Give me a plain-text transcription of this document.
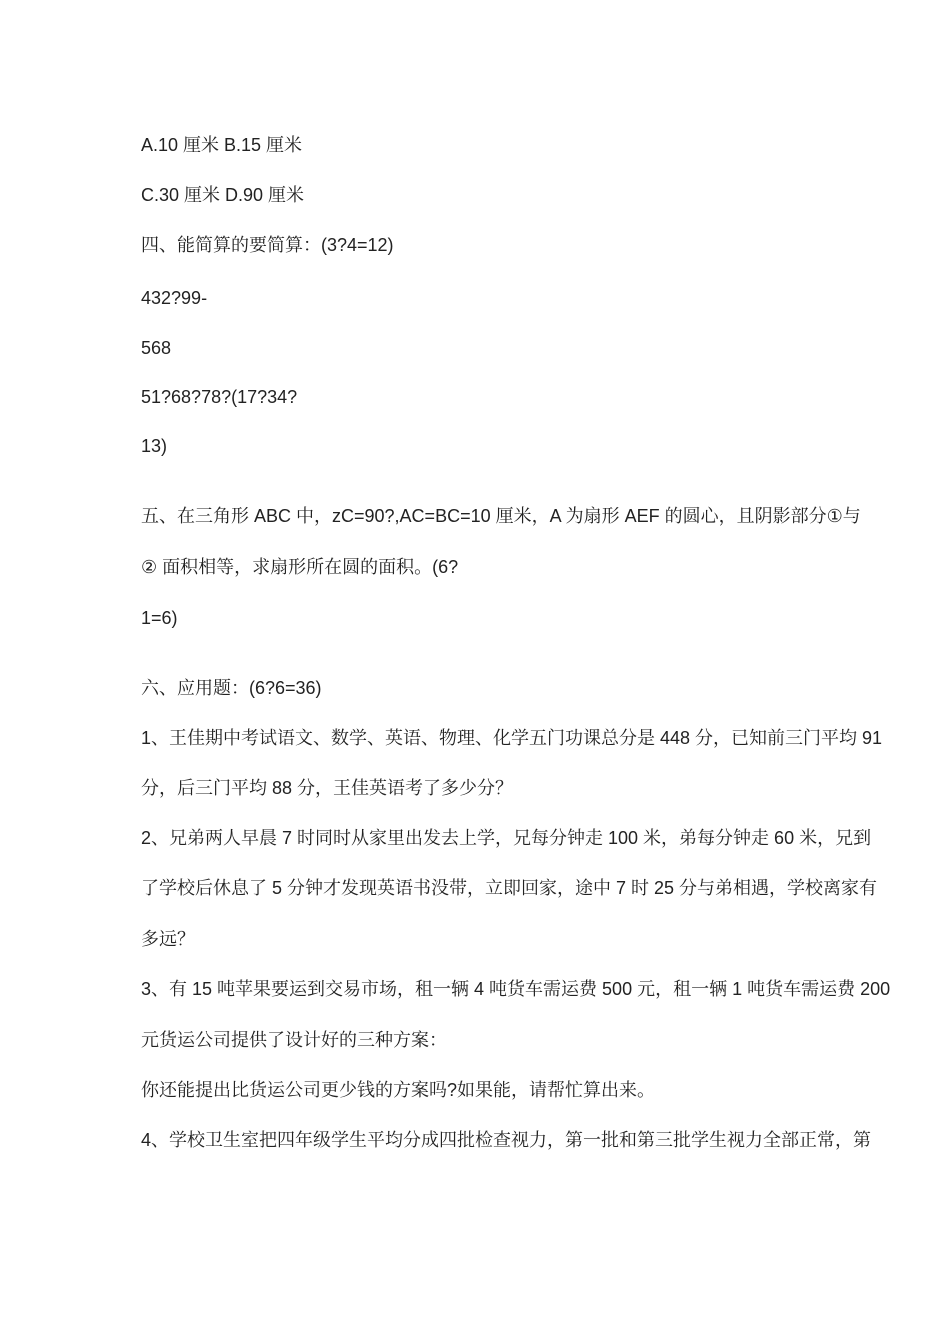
A.10 厘米 B.15 厘米
C.30 厘米 D.90 厘米
四、能简算的要简算：(3?4=12)
432?99-
568
51?68?78?(17?34?
13)
五、在三角形 ABC 中，zC=90?,AC=BC=10 厘米，A 为扇形 AEF 的圆心，且阴影部分①与
② 面积相等，求扇形所在圆的面积。(6?
1=6)
六、应用题：(6?6=36)
1、王佳期中考试语文、数学、英语、物理、化学五门功课总分是 448 分，已知前三门平均 91
分，后三门平均 88 分，王佳英语考了多少分？
2、兄弟两人早晨 7 时同时从家里出发去上学，兄每分钟走 100 米，弟每分钟走 60 米，兄到
了学校后休息了 5 分钟才发现英语书没带，立即回家，途中 7 时 25 分与弟相遇，学校离家有
多远？
3、有 15 吨苹果要运到交易市场，租一辆 4 吨货车需运费 500 元，租一辆 1 吨货车需运费 200
元货运公司提供了设计好的三种方案：
你还能提出比货运公司更少钱的方案吗?如果能，请帮忙算出来。
4、学校卫生室把四年级学生平均分成四批检查视力，第一批和第三批学生视力全部正常，第
